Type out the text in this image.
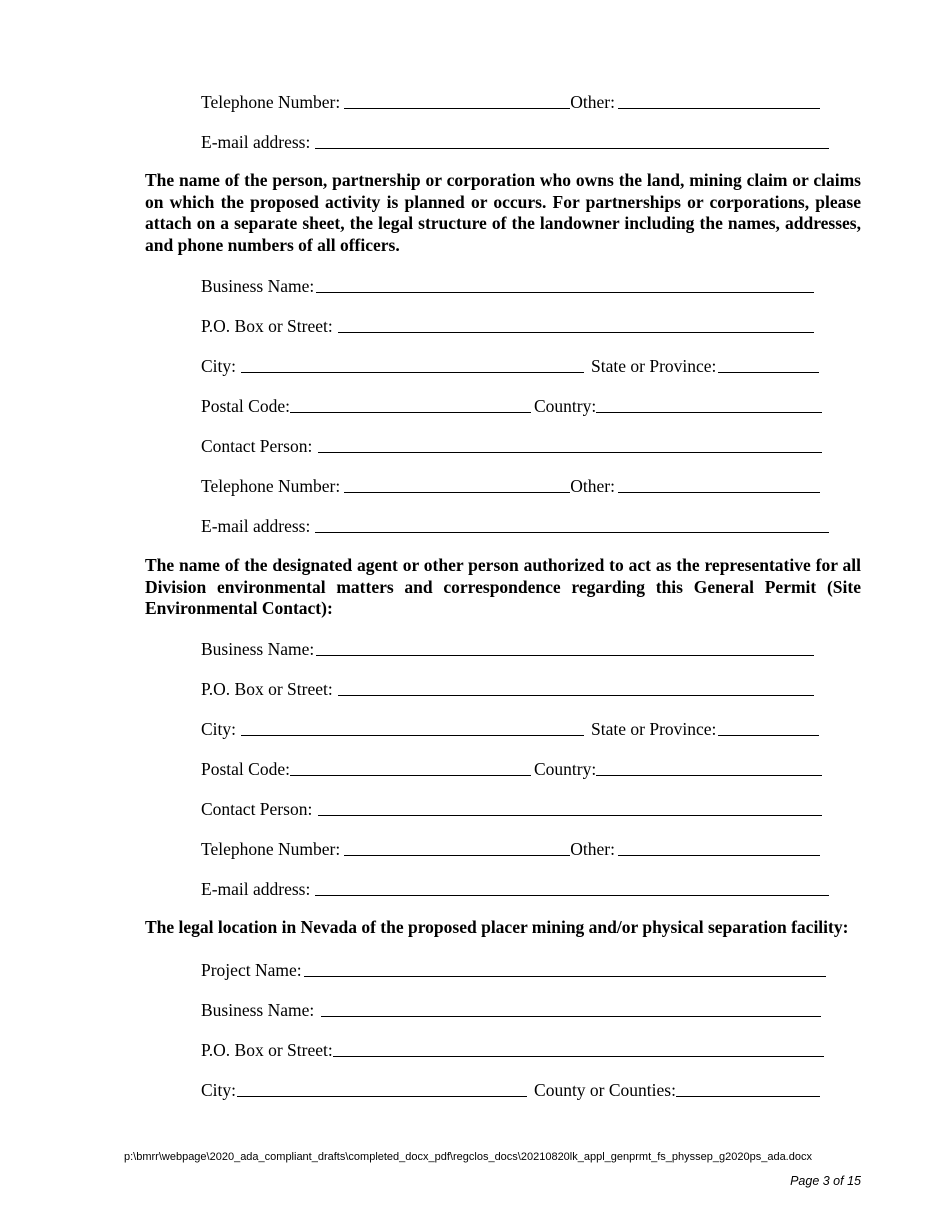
Telephone Number:	Other:
E-mail address:
The name of the person, partnership or corporation who owns the land, mining claim or claims on which the proposed activity is planned or occurs. For partnerships or corporations, please attach on a separate sheet, the legal structure of the landowner including the names, addresses, and phone numbers of all officers.
Business Name:
P.O. Box or Street:
City:	State or Province:
Postal Code:	Country:
Contact Person:
Telephone Number:	Other:
E-mail address:
The name of the designated agent or other person authorized to act as the representative for all Division environmental matters and correspondence regarding this General Permit (Site Environmental Contact):
Business Name:
P.O. Box or Street:
City:	State or Province:
Postal Code:	Country:
Contact Person:
Telephone Number:	Other:
E-mail address:
The legal location in Nevada of the proposed placer mining and/or physical separation facility:
Project Name:
Business Name:
P.O. Box or Street:
City:	County or Counties:
p:\bmrr\webpage\2020_ada_compliant_drafts\completed_docx_pdf\regclos_docs\20210820lk_appl_genprmt_fs_physsep_g2020ps_ada.docx
Page 3 of 15
